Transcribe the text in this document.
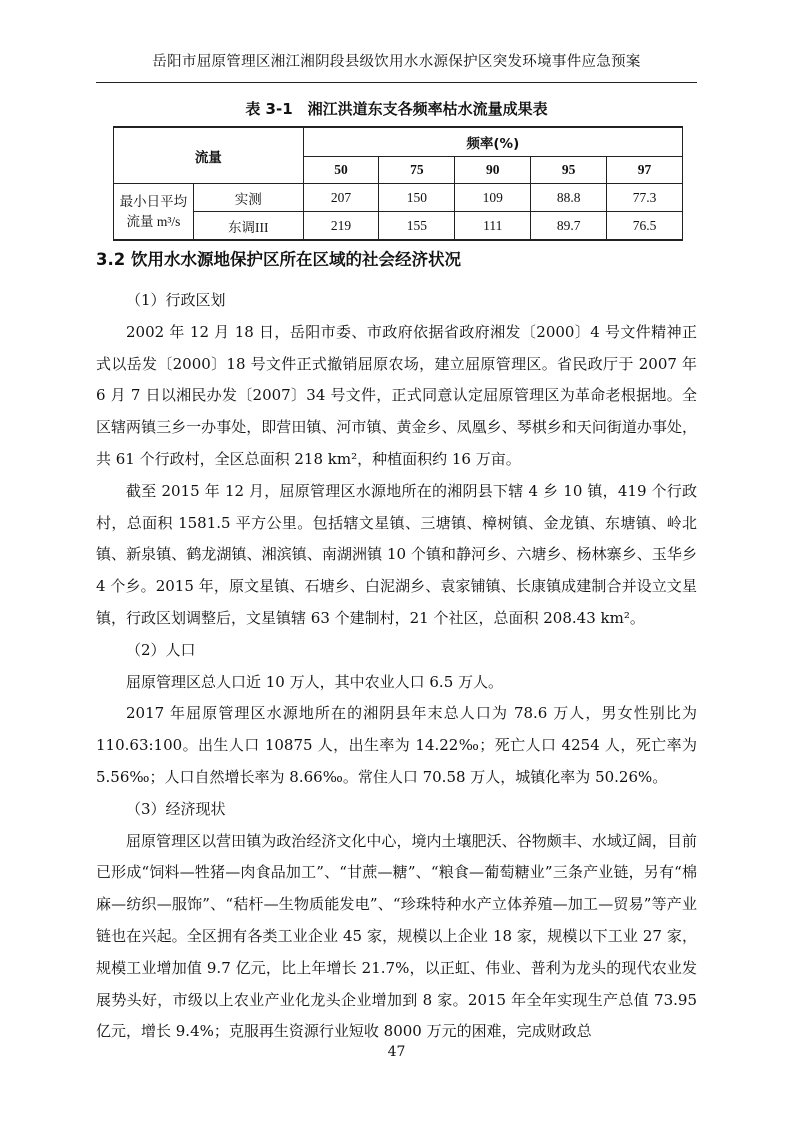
岳阳市屈原管理区湘江湘阴段县级饮用水水源保护区突发环境事件应急预案
表 3-1　湘江洪道东支各频率枯水流量成果表
流量		频率(%)				
		50	75	90	95	97
最小日平均
流量 m³/s	实测	207	150	109	88.8	77.3
	东调III	219	155	111	89.7	76.5
3.2 饮用水水源地保护区所在区域的社会经济状况

（1）行政区划

2002 年 12 月 18 日，岳阳市委、市政府依据省政府湘发〔2000〕4 号文件精神正式以岳发〔2000〕18 号文件正式撤销屈原农场，建立屈原管理区。省民政厅于 2007 年 6 月 7 日以湘民办发〔2007〕34 号文件，正式同意认定屈原管理区为革命老根据地。全区辖两镇三乡一办事处，即营田镇、河市镇、黄金乡、凤凰乡、琴棋乡和天问街道办事处，共 61 个行政村，全区总面积 218 km²，种植面积约 16 万亩。

截至 2015 年 12 月，屈原管理区水源地所在的湘阴县下辖 4 乡 10 镇，419 个行政村，总面积 1581.5 平方公里。包括辖文星镇、三塘镇、樟树镇、金龙镇、东塘镇、岭北镇、新泉镇、鹤龙湖镇、湘滨镇、南湖洲镇 10 个镇和静河乡、六塘乡、杨林寨乡、玉华乡 4 个乡。2015 年，原文星镇、石塘乡、白泥湖乡、袁家铺镇、长康镇成建制合并设立文星镇，行政区划调整后，文星镇辖 63 个建制村，21 个社区，总面积 208.43 km²。

（2）人口

屈原管理区总人口近 10 万人，其中农业人口 6.5 万人。

2017 年屈原管理区水源地所在的湘阴县年末总人口为 78.6 万人，男女性别比为 110.63:100。出生人口 10875 人，出生率为 14.22‰；死亡人口 4254 人，死亡率为 5.56‰；人口自然增长率为 8.66‰。常住人口 70.58 万人，城镇化率为 50.26%。

（3）经济现状

屈原管理区以营田镇为政治经济文化中心，境内土壤肥沃、谷物颇丰、水域辽阔，目前已形成“饲料—牲猪—肉食品加工”、“甘蔗—糖”、“粮食—葡萄糖业”三条产业链，另有“棉麻—纺织—服饰”、“秸杆—生物质能发电”、“珍珠特种水产立体养殖—加工—贸易”等产业链也在兴起。全区拥有各类工业企业 45 家，规模以上企业 18 家，规模以下工业 27 家，规模工业增加值 9.7 亿元，比上年增长 21.7%，以正虹、伟业、普利为龙头的现代农业发展势头好，市级以上农业产业化龙头企业增加到 8 家。2015 年全年实现生产总值 73.95 亿元，增长 9.4%；克服再生资源行业短收 8000 万元的困难，完成财政总

47
